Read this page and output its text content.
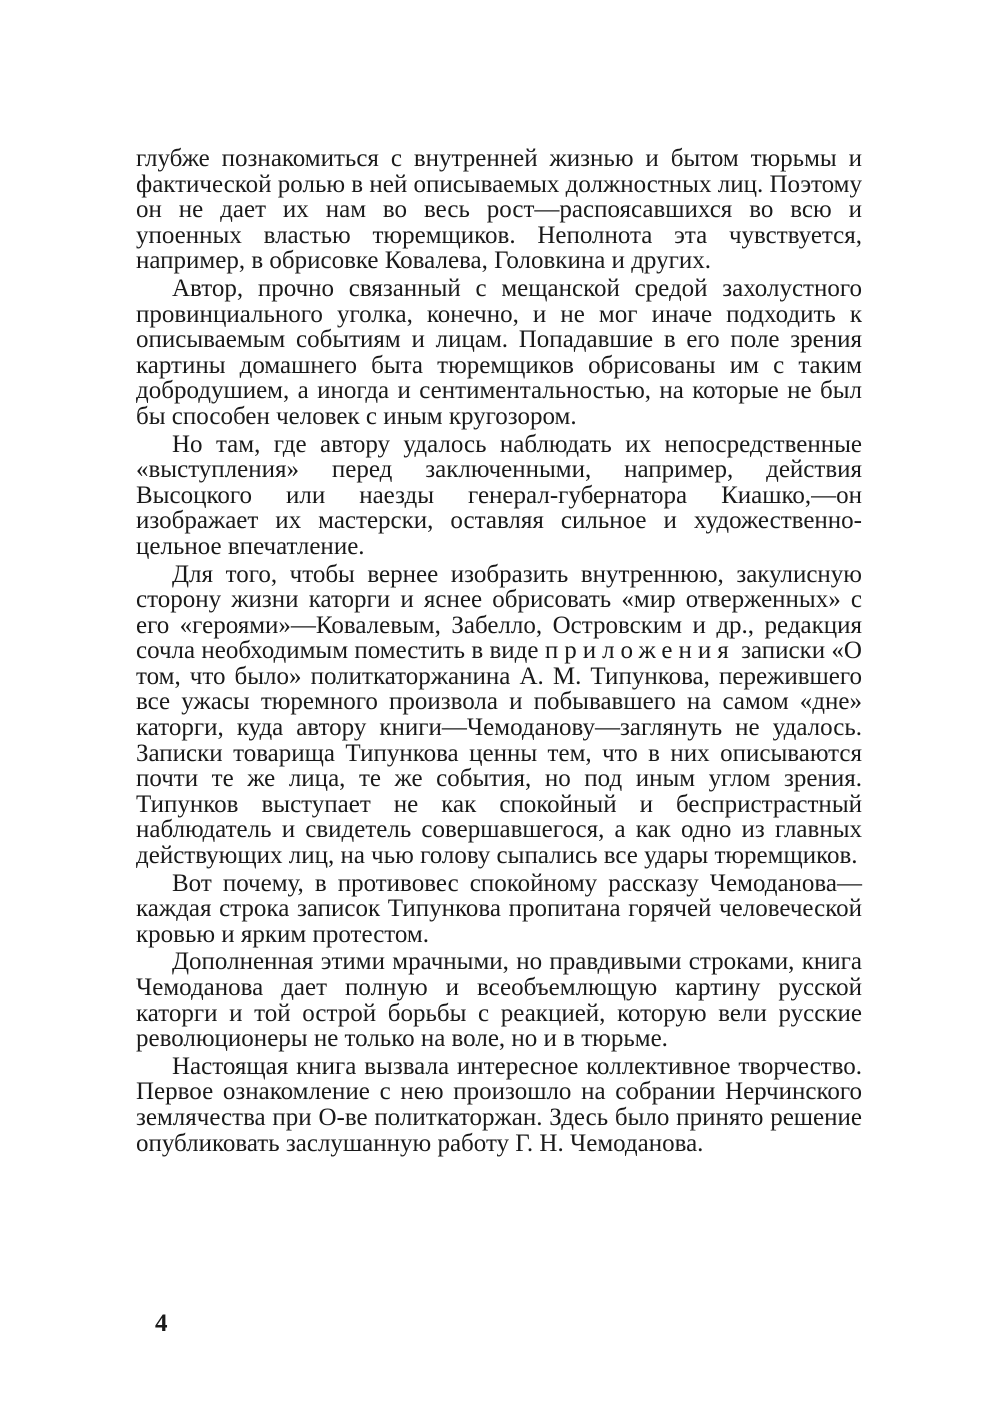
глубже познакомиться с внутренней жизнью и бытом тюрьмы и фактической ролью в ней описываемых должностных лиц. Поэтому он не дает их нам во весь рост—распоясавшихся во всю и упоенных властью тюремщиков. Неполнота эта чувствуется, например, в обрисовке Ковалева, Головкина и других.

Автор, прочно связанный с мещанской средой захолустного провинциального уголка, конечно, и не мог иначе подходить к описываемым событиям и лицам. Попадавшие в его поле зрения картины домашнего быта тюремщиков обрисованы им с таким добродушием, а иногда и сентиментальностью, на которые не был бы способен человек с иным кругозором.

Но там, где автору удалось наблюдать их непосредственные «выступления» перед заключенными, например, действия Высоцкого или наезды генерал-губернатора Киашко,—он изображает их мастерски, оставляя сильное и художественно-цельное впечатление.

Для того, чтобы вернее изобразить внутреннюю, закулисную сторону жизни каторги и яснее обрисовать «мир отверженных» с его «героями»—Ковалевым, Забелло, Островским и др., редакция сочла необходимым поместить в виде приложения записки «О том, что было» политкаторжанина А. М. Типункова, пережившего все ужасы тюремного произвола и побывавшего на самом «дне» каторги, куда автору книги—Чемоданову—заглянуть не удалось. Записки товарища Типункова ценны тем, что в них описываются почти те же лица, те же события, но под иным углом зрения. Типунков выступает не как спокойный и беспристрастный наблюдатель и свидетель совершавшегося, а как одно из главных действующих лиц, на чью голову сыпались все удары тюремщиков.

Вот почему, в противовес спокойному рассказу Чемоданова—каждая строка записок Типункова пропитана горячей человеческой кровью и ярким протестом.

Дополненная этими мрачными, но правдивыми строками, книга Чемоданова дает полную и всеобъемлющую картину русской каторги и той острой борьбы с реакцией, которую вели русские революционеры не только на воле, но и в тюрьме.

Настоящая книга вызвала интересное коллективное творчество. Первое ознакомление с нею произошло на собрании Нерчинского землячества при О-ве политкаторжан. Здесь было принято решение опубликовать заслушанную работу Г. Н. Чемоданова.

4
